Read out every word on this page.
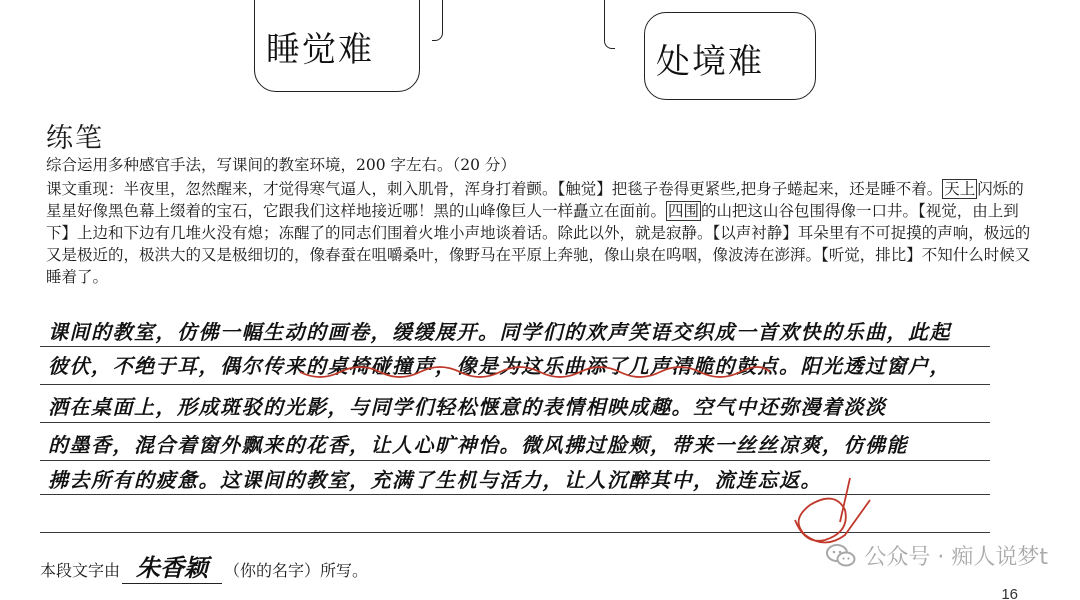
睡觉难	处境难
练笔
综合运用多种感官手法，写课间的教室环境，200 字左右。（20 分）
课文重现：半夜里，忽然醒来，才觉得寒气逼人，刺入肌骨，浑身打着颤。【触觉】把毯子卷得更紧些,把身子蜷起来，还是睡不着。 天上 闪烁的星星好像黑色幕上缀着的宝石，它跟我们这样地接近哪！黑的山峰像巨人一样矗立在面前。 四围 的山把这山谷包围得像一口井。【视觉，由上到下】上边和下边有几堆火没有熄；冻醒了的同志们围着火堆小声地谈着话。除此以外，就是寂静。【以声衬静】耳朵里有不可捉摸的声响，极远的又是极近的，极洪大的又是极细切的，像春蚕在咀嚼桑叶，像野马在平原上奔驰，像山泉在呜咽，像波涛在澎湃。【听觉，排比】不知什么时候又睡着了。
课间的教室，仿佛一幅生动的画卷，缓缓展开。同学们的欢声笑语交织成一首欢快的乐曲，此起
彼伏，不绝于耳，偶尔传来的桌椅碰撞声，像是为这乐曲添了几声清脆的鼓点。阳光透过窗户，
洒在桌面上，形成斑驳的光影，与同学们轻松惬意的表情相映成趣。空气中还弥漫着淡淡
的墨香，混合着窗外飘来的花香，让人心旷神怡。微风拂过脸颊，带来一丝丝凉爽，仿佛能
拂去所有的疲惫。这课间的教室，充满了生机与活力，让人沉醉其中，流连忘返。
本段文字由 朱香颖 （你的名字）所写。
公众号 · 痴人说梦t
16
